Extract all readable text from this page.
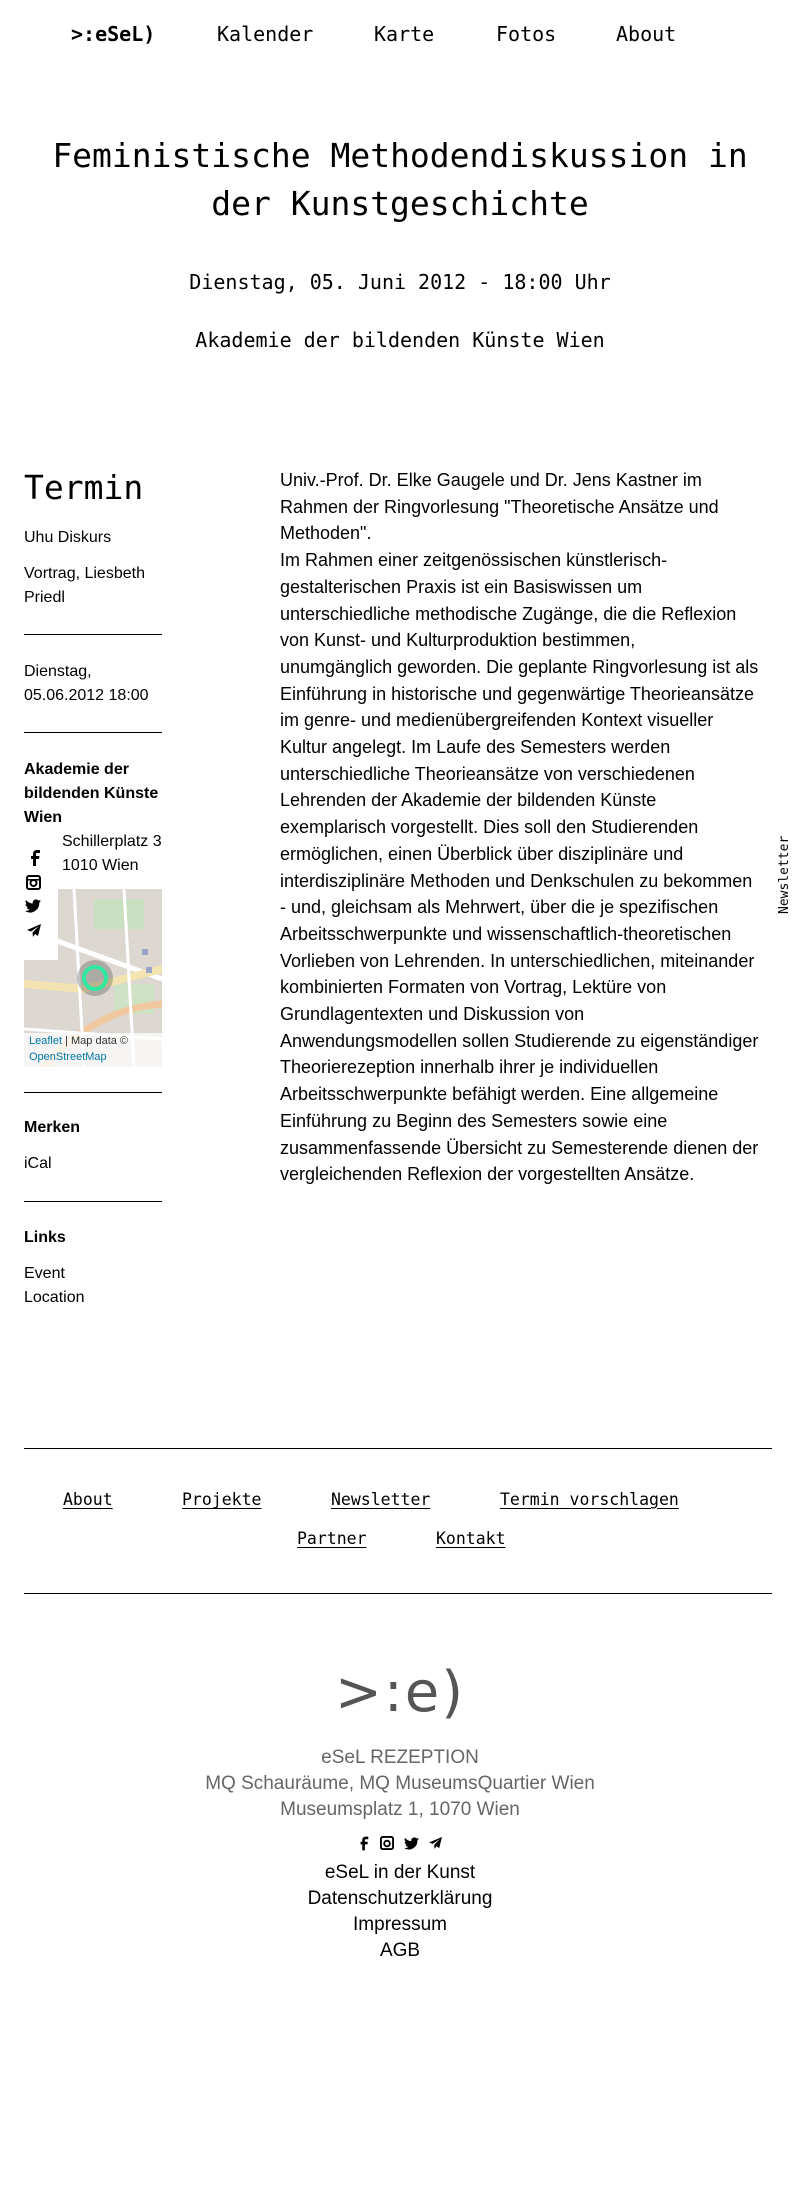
>:eSeL)	Kalender	Karte	Fotos	About
Feministische Methodendiskussion in
der Kunstgeschichte
Dienstag, 05. Juni 2012 - 18:00 Uhr
Akademie der bildenden Künste Wien
Termin
Uhu Diskurs
Vortrag, Liesbeth
Priedl
Dienstag,
05.06.2012 18:00
Akademie der bildenden Künste Wien
Schillerplatz 3
1010 Wien
Leaflet | Map data ©
OpenStreetMap
Merken
iCal
Links
Event
Location
Univ.-Prof. Dr. Elke Gaugele und Dr. Jens Kastner im
Rahmen der Ringvorlesung "Theoretische Ansätze und
Methoden".
Im Rahmen einer zeitgenössischen künstlerisch-
gestalterischen Praxis ist ein Basiswissen um
unterschiedliche methodische Zugänge, die die Reflexion
von Kunst- und Kulturproduktion bestimmen,
unumgänglich geworden. Die geplante Ringvorlesung ist als
Einführung in historische und gegenwärtige Theorieansätze
im genre- und medienübergreifenden Kontext visueller
Kultur angelegt. Im Laufe des Semesters werden
unterschiedliche Theorieansätze von verschiedenen
Lehrenden der Akademie der bildenden Künste
exemplarisch vorgestellt. Dies soll den Studierenden
ermöglichen, einen Überblick über disziplinäre und
interdisziplinäre Methoden und Denkschulen zu bekommen
- und, gleichsam als Mehrwert, über die je spezifischen
Arbeitsschwerpunkte und wissenschaftlich-theoretischen
Vorlieben von Lehrenden. In unterschiedlichen, miteinander
kombinierten Formaten von Vortrag, Lektüre von
Grundlagentexten und Diskussion von
Anwendungsmodellen sollen Studierende zu eigenständiger
Theorierezeption innerhalb ihrer je individuellen
Arbeitsschwerpunkte befähigt werden. Eine allgemeine
Einführung zu Beginn des Semesters sowie eine
zusammenfassende Übersicht zu Semesterende dienen der
vergleichenden Reflexion der vorgestellten Ansätze.
Newsletter
About	Projekte	Newsletter	Termin vorschlagen
Partner	Kontakt
>:e)
eSeL REZEPTION
MQ Schauräume, MQ MuseumsQuartier Wien
Museumsplatz 1, 1070 Wien
eSeL in der Kunst
Datenschutzerklärung
Impressum
AGB
